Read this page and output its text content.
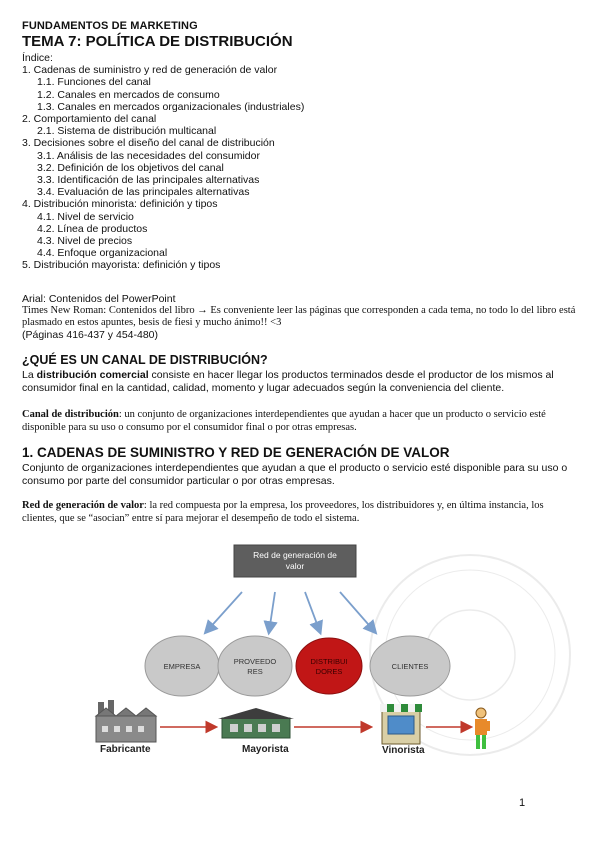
FUNDAMENTOS DE MARKETING
TEMA 7: POLÍTICA DE DISTRIBUCIÓN
Índice:
1. Cadenas de suministro y red de generación de valor
1.1. Funciones del canal
1.2. Canales en mercados de consumo
1.3. Canales en mercados organizacionales (industriales)
2. Comportamiento del canal
2.1. Sistema de distribución multicanal
3. Decisiones sobre el diseño del canal de distribución
3.1. Análisis de las necesidades del consumidor
3.2. Definición de los objetivos del canal
3.3. Identificación de las principales alternativas
3.4. Evaluación de las principales alternativas
4. Distribución minorista: definición y tipos
4.1. Nivel de servicio
4.2. Línea de productos
4.3. Nivel de precios
4.4. Enfoque organizacional
5. Distribución mayorista: definición y tipos
Arial: Contenidos del PowerPoint
Times New Roman: Contenidos del libro → Es conveniente leer las páginas que corresponden a cada tema, no todo lo del libro está plasmado en estos apuntes, besis de fiesi y mucho ánimo!! <3
(Páginas 416-437 y 454-480)
¿QUÉ ES UN CANAL DE DISTRIBUCIÓN?
La distribución comercial consiste en hacer llegar los productos terminados desde el productor de los mismos al consumidor final en la cantidad, calidad, momento y lugar adecuados según la conveniencia del cliente.
Canal de distribución: un conjunto de organizaciones interdependientes que ayudan a hacer que un producto o servicio esté disponible para su uso o consumo por el consumidor final o por otras empresas.
1. CADENAS DE SUMINISTRO Y RED DE GENERACIÓN DE VALOR
Conjunto de organizaciones interdependientes que ayudan a que el producto o servicio esté disponible para su uso o consumo por parte del consumidor particular o por otras empresas.
Red de generación de valor: la red compuesta por la empresa, los proveedores, los distribuidores y, en última instancia, los clientes, que se “asocian” entre sí para mejorar el desempeño de todo el sistema.
Red de generación de
valor
EMPRESA
PROVEEDO
RES
DISTRIBUI
DORES
CLIENTES
Fabricante	Mayorista	Vinorista
1
